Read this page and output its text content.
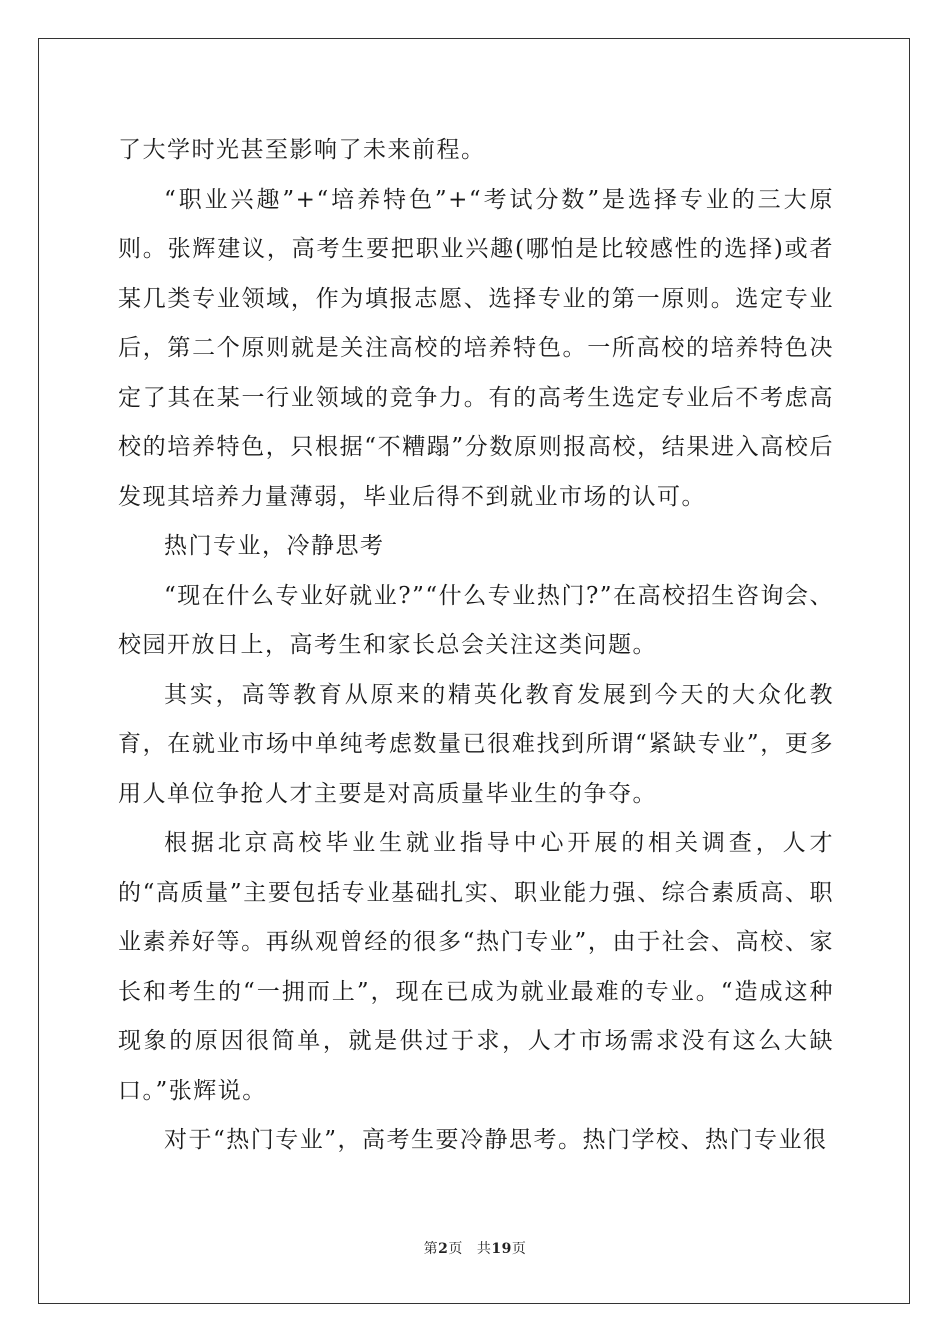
了大学时光甚至影响了未来前程。

“职业兴趣”+“培养特色”+“考试分数”是选择专业的三大原则。张辉建议，高考生要把职业兴趣(哪怕是比较感性的选择)或者某几类专业领域，作为填报志愿、选择专业的第一原则。选定专业后，第二个原则就是关注高校的培养特色。一所高校的培养特色决定了其在某一行业领域的竞争力。有的高考生选定专业后不考虑高校的培养特色，只根据“不糟蹋”分数原则报高校，结果进入高校后发现其培养力量薄弱，毕业后得不到就业市场的认可。

热门专业，冷静思考

“现在什么专业好就业?”“什么专业热门?”在高校招生咨询会、校园开放日上，高考生和家长总会关注这类问题。

其实，高等教育从原来的精英化教育发展到今天的大众化教育，在就业市场中单纯考虑数量已很难找到所谓“紧缺专业”，更多用人单位争抢人才主要是对高质量毕业生的争夺。

根据北京高校毕业生就业指导中心开展的相关调查，人才的“高质量”主要包括专业基础扎实、职业能力强、综合素质高、职业素养好等。再纵观曾经的很多“热门专业”，由于社会、高校、家长和考生的“一拥而上”，现在已成为就业最难的专业。“造成这种现象的原因很简单，就是供过于求，人才市场需求没有这么大缺口。”张辉说。

对于“热门专业”，高考生要冷静思考。热门学校、热门专业很

第2页 共19页
